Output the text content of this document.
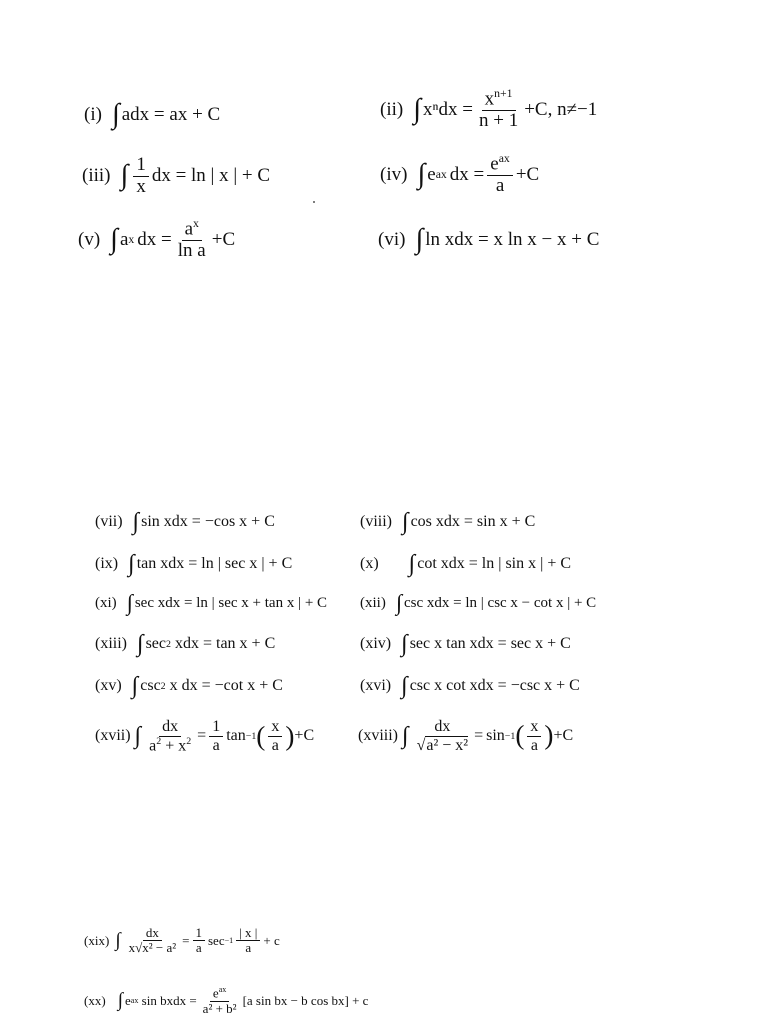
(i) ∫ adx = ax + C	(ii) ∫ $x^ndx = \frac{x^{n+1}}{n + 1} +C$, n≠−1
(iii) ∫ $\frac{1}{x}$ dx = ln | x | + C	(iv) ∫ e ax dx =
$e^{ax}$
a
+C
(v) ∫ a x dx = $\frac{a^x}{\text{ln a}} +C$	(vi) ∫ ln xdx = x ln x − x + C
(vii) ∫ sin xdx = −cos x + C	(viii) ∫ cos xdx = sin x + C
(ix) ∫ tan xdx = ln | sec x | + C	(x) ∫ cot xdx = ln | sin x | + C
(xi) ∫ sec xdx = ln | sec x + tan x | + C (xii) ∫ csc xdx = ln | csc x − cot x | + C
(xiii) ∫ sec 2 xdx = tan x + C	(xiv) ∫ sec x tan xdx = sec x + C
(xv) ∫ csc 2 x dx = −cot x + C	(xvi) ∫ csc x cot xdx = −csc x + C
(xvii) ∫ $\frac{dx}{a^2 + x^2} = \frac{1}{a}$ tan −1 ( $\frac{x}{a}$ ) +C	(xviii) ∫ $\frac{dx}{\text{√a² − x²}} = \sin -1$ ( $\frac{x}{a}$ ) +C
(xix) ∫ $\frac{dx}{\text{x√x² − a²}} = \frac{1}{a}$ $\sec -1 \frac{| x |}{a} + c$
(xx) ∫ e ax sin bxdx =
$e^{ax}$
a² + b²
[a sin bx − b cos bx] + c
